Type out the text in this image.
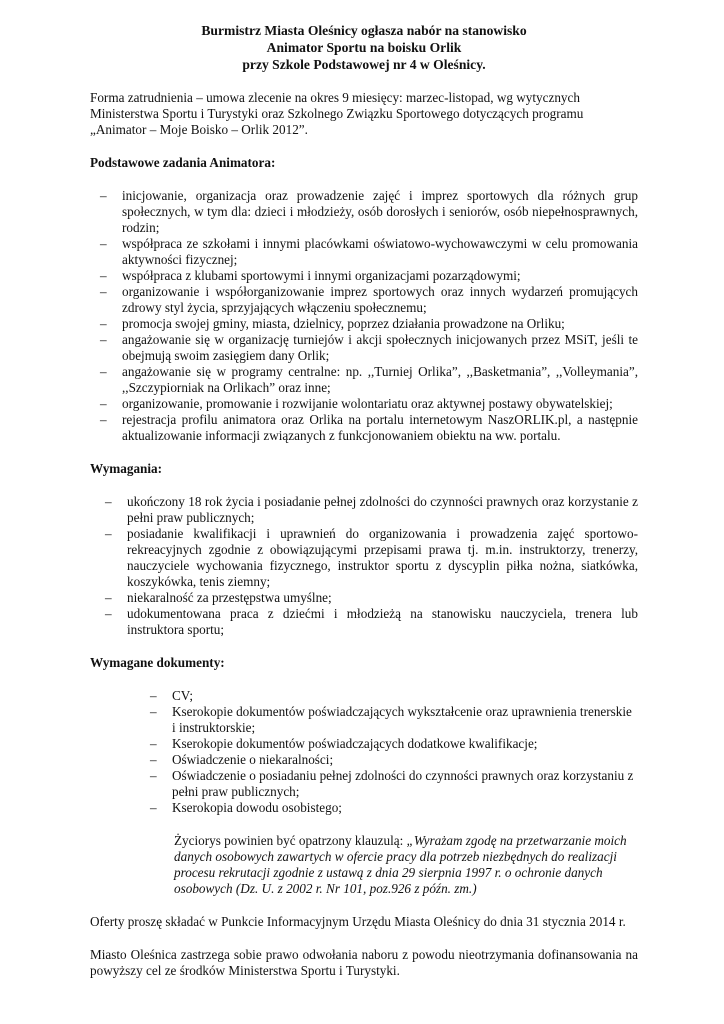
Burmistrz Miasta Oleśnicy ogłasza nabór na stanowisko
Animator Sportu na boisku Orlik
przy Szkole Podstawowej nr 4 w Oleśnicy.

Forma zatrudnienia – umowa zlecenie na okres 9 miesięcy: marzec-listopad, wg wytycznych Ministerstwa Sportu i Turystyki oraz Szkolnego Związku Sportowego dotyczących programu „Animator – Moje Boisko – Orlik 2012”.

Podstawowe zadania Animatora:

– inicjowanie, organizacja oraz prowadzenie zajęć i imprez sportowych dla różnych grup społecznych, w tym dla: dzieci i młodzieży, osób dorosłych i seniorów, osób niepełnosprawnych, rodzin;
– współpraca ze szkołami i innymi placówkami oświatowo-wychowawczymi w celu promowania aktywności fizycznej;
– współpraca z klubami sportowymi i innymi organizacjami pozarządowymi;
– organizowanie i współorganizowanie imprez sportowych oraz innych wydarzeń promujących zdrowy styl życia, sprzyjających włączeniu społecznemu;
– promocja swojej gminy, miasta, dzielnicy, poprzez działania prowadzone na Orliku;
– angażowanie się w organizację turniejów i akcji społecznych inicjowanych przez MSiT, jeśli te obejmują swoim zasięgiem dany Orlik;
– angażowanie się w programy centralne: np. ,,Turniej Orlika”, ,,Basketmania”, ,,Volleymania”, ,,Szczypiorniak na Orlikach” oraz inne;
– organizowanie, promowanie i rozwijanie wolontariatu oraz aktywnej postawy obywatelskiej;
– rejestracja profilu animatora oraz Orlika na portalu internetowym NaszORLIK.pl, a następnie aktualizowanie informacji związanych z funkcjonowaniem obiektu na ww. portalu.

Wymagania:

– ukończony 18 rok życia i posiadanie pełnej zdolności do czynności prawnych oraz korzystanie z pełni praw publicznych;
– posiadanie kwalifikacji i uprawnień do organizowania i prowadzenia zajęć sportowo-rekreacyjnych zgodnie z obowiązującymi przepisami prawa tj. m.in. instruktorzy, trenerzy, nauczyciele wychowania fizycznego, instruktor sportu z dyscyplin piłka nożna, siatkówka, koszykówka, tenis ziemny;
– niekaralność za przestępstwa umyślne;
– udokumentowana praca z dziećmi i młodzieżą na stanowisku nauczyciela, trenera lub instruktora sportu;

Wymagane dokumenty:

– CV;
– Kserokopie dokumentów poświadczających wykształcenie oraz uprawnienia trenerskie i instruktorskie;
– Kserokopie dokumentów poświadczających dodatkowe kwalifikacje;
– Oświadczenie o niekaralności;
– Oświadczenie o posiadaniu pełnej zdolności do czynności prawnych oraz korzystaniu z pełni praw publicznych;
– Kserokopia dowodu osobistego;

Życiorys powinien być opatrzony klauzulą: „Wyrażam zgodę na przetwarzanie moich danych osobowych zawartych w ofercie pracy dla potrzeb niezbędnych do realizacji procesu rekrutacji zgodnie z ustawą z dnia 29 sierpnia 1997 r. o ochronie danych osobowych (Dz. U. z 2002 r. Nr 101, poz.926 z późn. zm.)

Oferty proszę składać w Punkcie Informacyjnym Urzędu Miasta Oleśnicy do dnia 31 stycznia 2014 r.

Miasto Oleśnica zastrzega sobie prawo odwołania naboru z powodu nieotrzymania dofinansowania na powyższy cel ze środków Ministerstwa Sportu i Turystyki.
